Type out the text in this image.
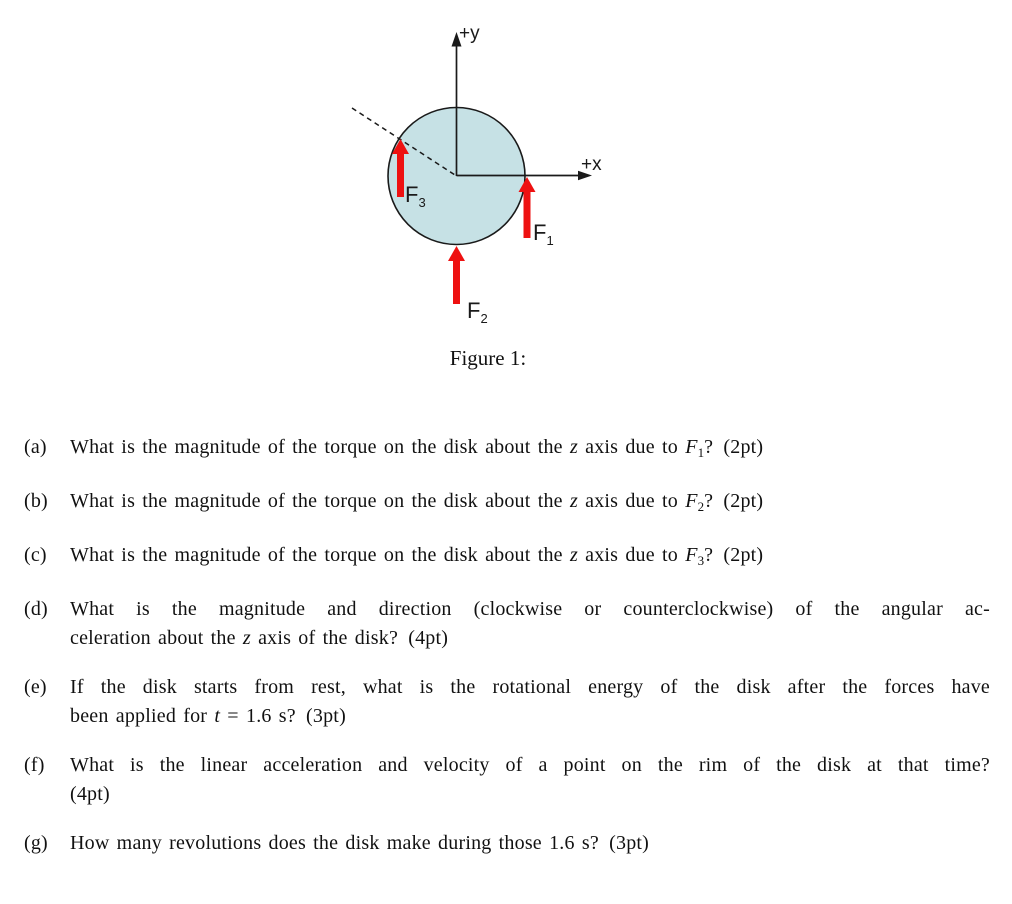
+y
+x
$F_3$
$F_1$
$F_2$
Figure 1:
(a)	What is the magnitude of the torque on the disk about the z axis due to $F_1$? (2pt)
(b)	What is the magnitude of the torque on the disk about the z axis due to $F_2$? (2pt)
(c)	What is the magnitude of the torque on the disk about the z axis due to $F_3$? (2pt)
(d)	What is the magnitude and direction (clockwise or counterclockwise) of the angular ac-
celeration about the z axis of the disk? (4pt)
(e)	If the disk starts from rest, what is the rotational energy of the disk after the forces have
been applied for t = 1.6 s? (3pt)
(f)	What is the linear acceleration and velocity of a point on the rim of the disk at that time?
(4pt)
(g)	How many revolutions does the disk make during those 1.6 s? (3pt)
